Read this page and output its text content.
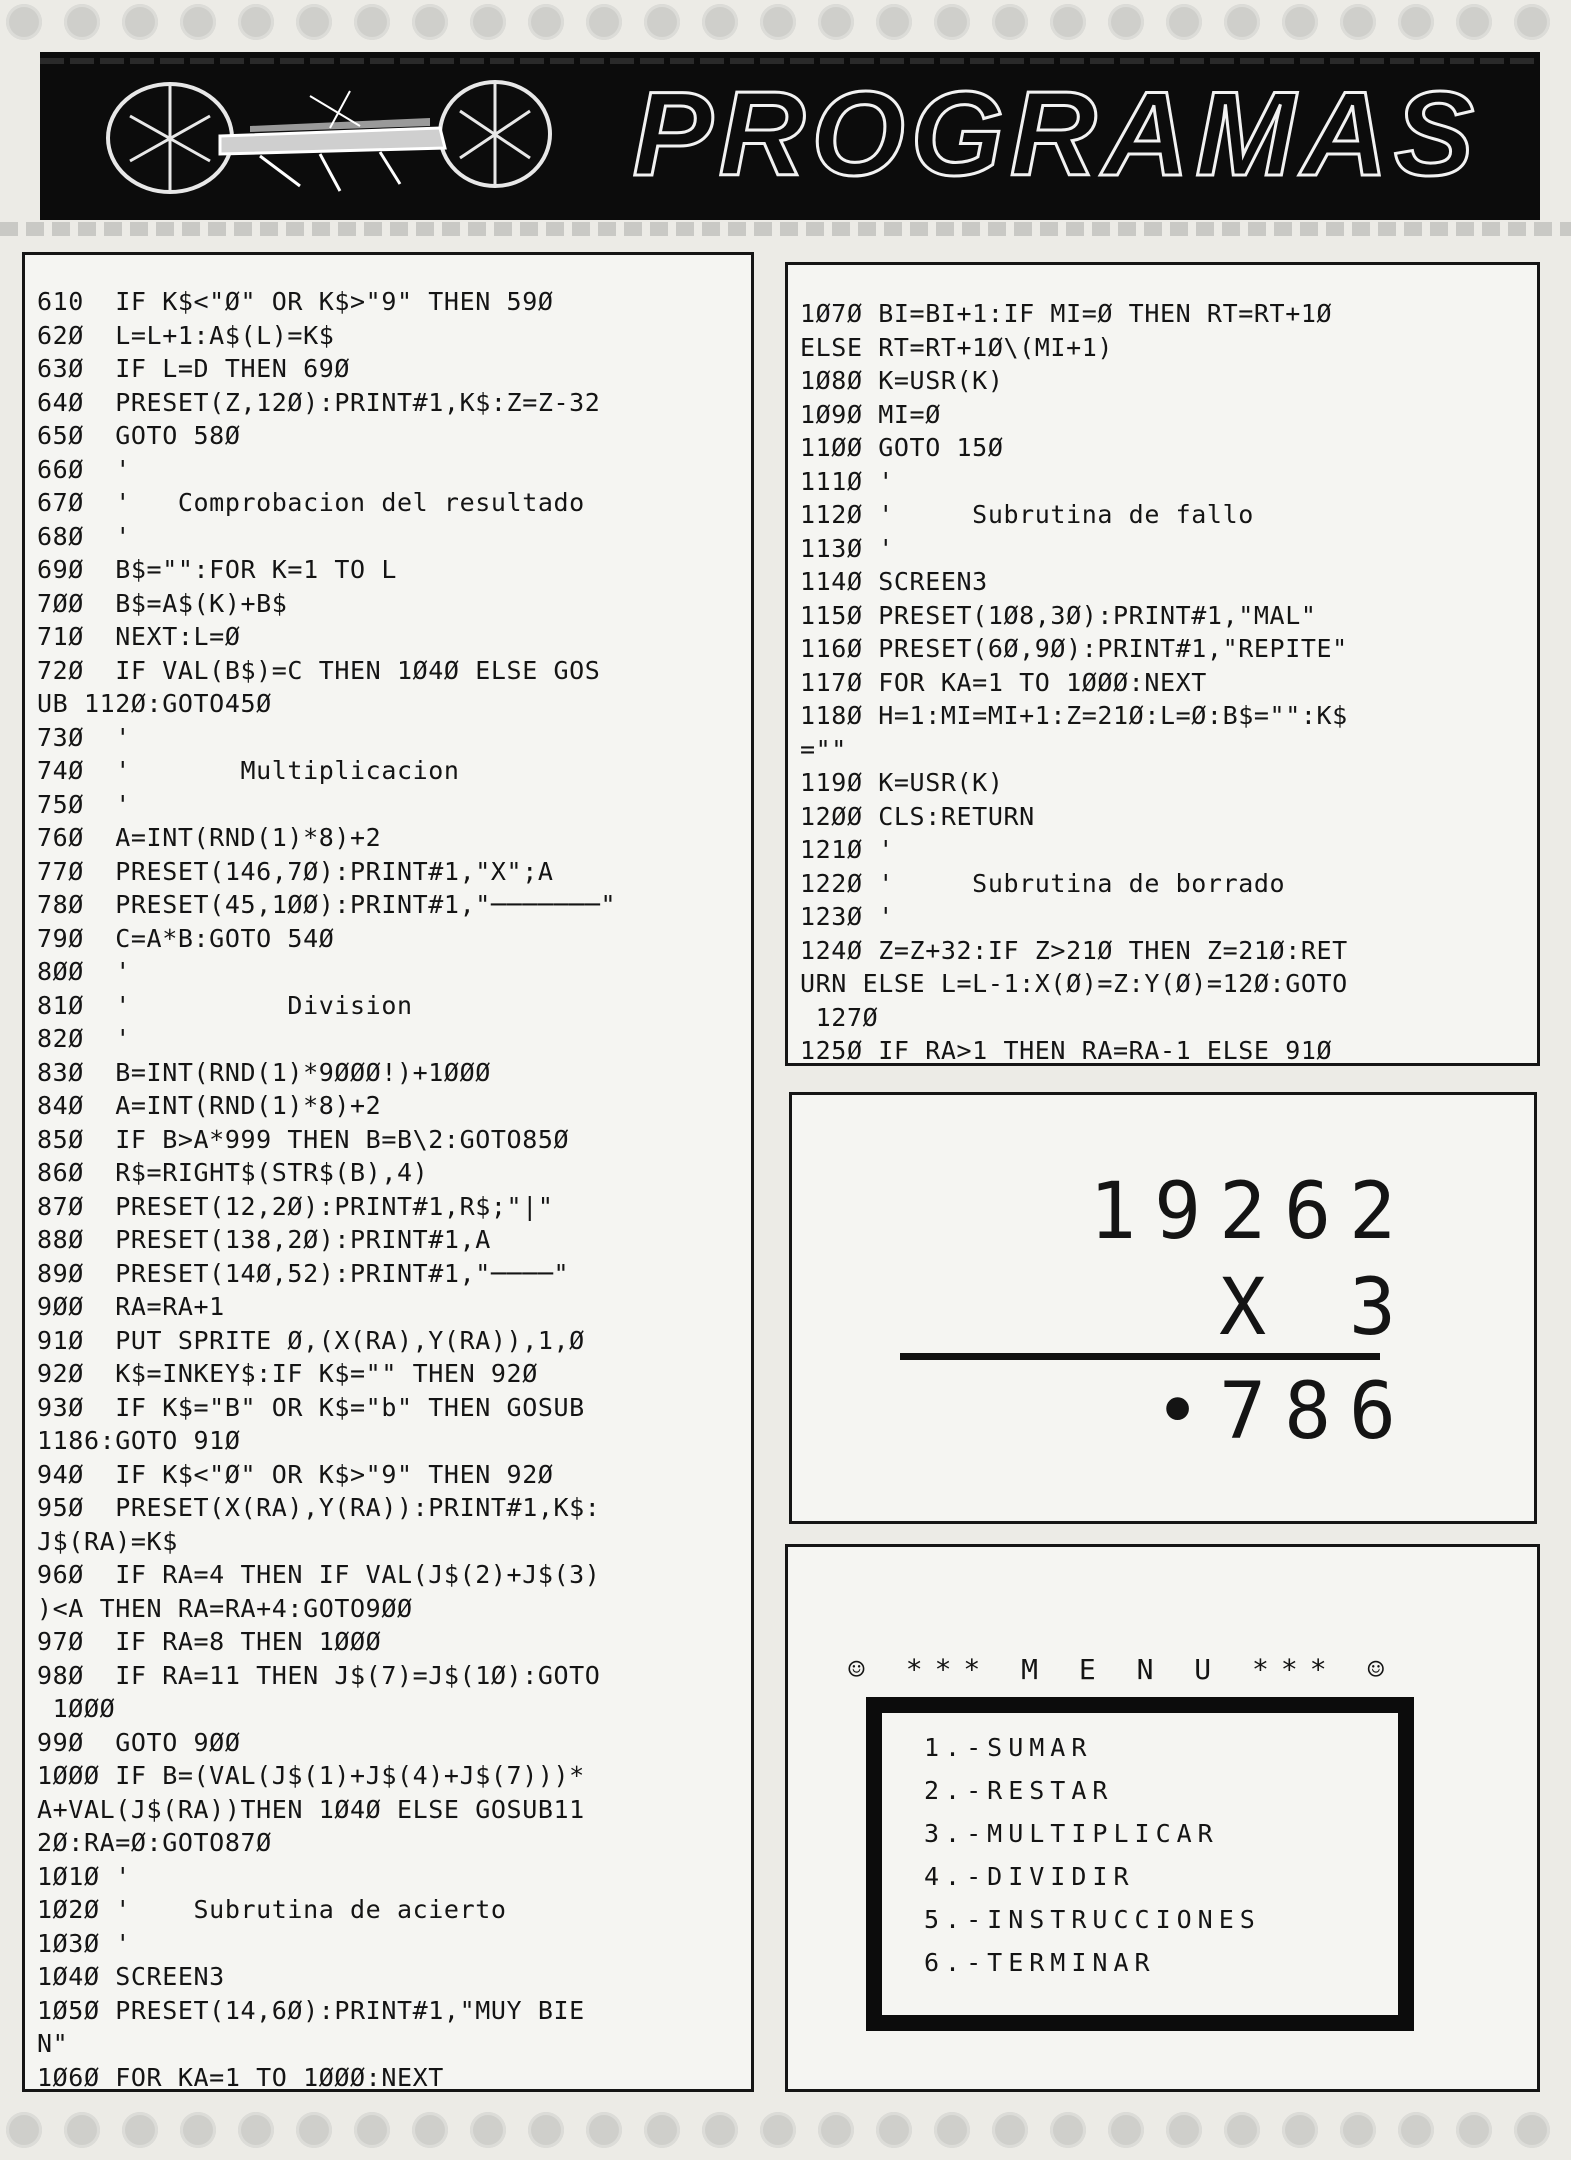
PROGRAMAS
610  IF K$<"Ø" OR K$>"9" THEN 59Ø
62Ø  L=L+1:A$(L)=K$
63Ø  IF L=D THEN 69Ø
64Ø  PRESET(Z,12Ø):PRINT#1,K$:Z=Z-32
65Ø  GOTO 58Ø
66Ø  '
67Ø  '   Comprobacion del resultado
68Ø  '
69Ø  B$="":FOR K=1 TO L
7ØØ  B$=A$(K)+B$
71Ø  NEXT:L=Ø
72Ø  IF VAL(B$)=C THEN 1Ø4Ø ELSE GOS
UB 112Ø:GOTO45Ø
73Ø  '
74Ø  '       Multiplicacion
75Ø  '
76Ø  A=INT(RND(1)*8)+2
77Ø  PRESET(146,7Ø):PRINT#1,"X";A
78Ø  PRESET(45,1ØØ):PRINT#1,"───────"
79Ø  C=A*B:GOTO 54Ø
8ØØ  '
81Ø  '          Division
82Ø  '
83Ø  B=INT(RND(1)*9ØØØ!)+1ØØØ
84Ø  A=INT(RND(1)*8)+2
85Ø  IF B>A*999 THEN B=B\2:GOTO85Ø
86Ø  R$=RIGHT$(STR$(B),4)
87Ø  PRESET(12,2Ø):PRINT#1,R$;"|"
88Ø  PRESET(138,2Ø):PRINT#1,A
89Ø  PRESET(14Ø,52):PRINT#1,"────"
9ØØ  RA=RA+1
91Ø  PUT SPRITE Ø,(X(RA),Y(RA)),1,Ø
92Ø  K$=INKEY$:IF K$="" THEN 92Ø
93Ø  IF K$="B" OR K$="b" THEN GOSUB
1186:GOTO 91Ø
94Ø  IF K$<"Ø" OR K$>"9" THEN 92Ø
95Ø  PRESET(X(RA),Y(RA)):PRINT#1,K$:
J$(RA)=K$
96Ø  IF RA=4 THEN IF VAL(J$(2)+J$(3)
)<A THEN RA=RA+4:GOTO9ØØ
97Ø  IF RA=8 THEN 1ØØØ
98Ø  IF RA=11 THEN J$(7)=J$(1Ø):GOTO
1ØØØ
99Ø  GOTO 9ØØ
1ØØØ IF B=(VAL(J$(1)+J$(4)+J$(7)))*
A+VAL(J$(RA))THEN 1Ø4Ø ELSE GOSUB11
2Ø:RA=Ø:GOTO87Ø
1Ø1Ø '
1Ø2Ø '    Subrutina de acierto
1Ø3Ø '
1Ø4Ø SCREEN3
1Ø5Ø PRESET(14,6Ø):PRINT#1,"MUY BIE
N"
1Ø6Ø FOR KA=1 TO 1ØØØ:NEXT
1Ø7Ø BI=BI+1:IF MI=Ø THEN RT=RT+1Ø
ELSE RT=RT+1Ø\(MI+1)
1Ø8Ø K=USR(K)
1Ø9Ø MI=Ø
11ØØ GOTO 15Ø
111Ø '
112Ø '     Subrutina de fallo
113Ø '
114Ø SCREEN3
115Ø PRESET(1Ø8,3Ø):PRINT#1,"MAL"
116Ø PRESET(6Ø,9Ø):PRINT#1,"REPITE"
117Ø FOR KA=1 TO 1ØØØ:NEXT
118Ø H=1:MI=MI+1:Z=21Ø:L=Ø:B$="":K$
=""
119Ø K=USR(K)
12ØØ CLS:RETURN
121Ø '
122Ø '     Subrutina de borrado
123Ø '
124Ø Z=Z+32:IF Z>21Ø THEN Z=21Ø:RET
URN ELSE L=L-1:X(Ø)=Z:Y(Ø)=12Ø:GOTO
127Ø
125Ø IF RA>1 THEN RA=RA-1 ELSE 91Ø
19262
X 3
•786
☺ *** M E N U *** ☺
1.-SUMAR
2.-RESTAR
3.-MULTIPLICAR
4.-DIVIDIR
5.-INSTRUCCIONES
6.-TERMINAR
